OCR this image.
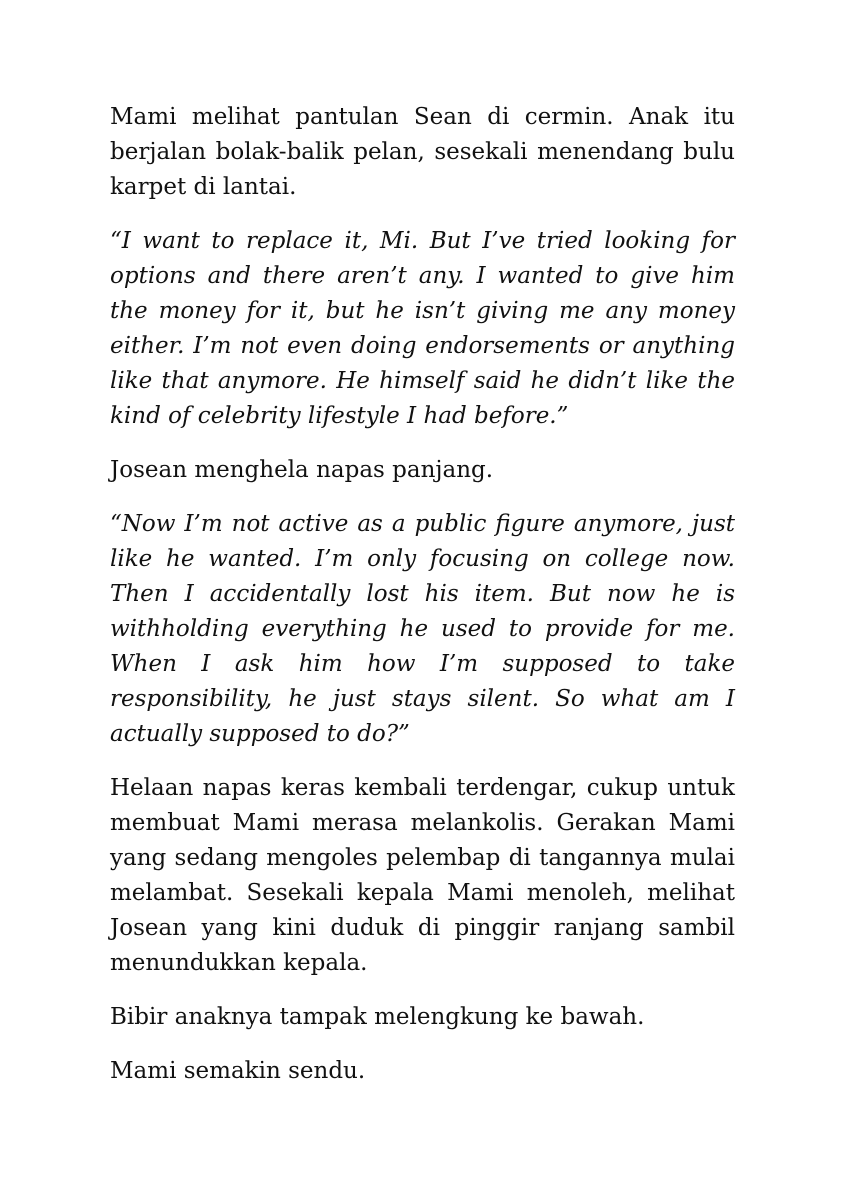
Mami melihat pantulan Sean di cermin. Anak itu berjalan bolak-balik pelan, sesekali menendang bulu karpet di lantai.

“I want to replace it, Mi. But I’ve tried looking for options and there aren’t any. I wanted to give him the money for it, but he isn’t giving me any money either. I’m not even doing endorsements or anything like that anymore. He himself said he didn’t like the kind of celebrity lifestyle I had before.”

Josean menghela napas panjang.

“Now I’m not active as a public figure anymore, just like he wanted. I’m only focusing on college now. Then I accidentally lost his item. But now he is withholding everything he used to provide for me. When I ask him how I’m supposed to take responsibility, he just stays silent. So what am I actually supposed to do?”

Helaan napas keras kembali terdengar, cukup untuk membuat Mami merasa melankolis. Gerakan Mami yang sedang mengoles pelembap di tangannya mulai melambat. Sesekali kepala Mami menoleh, melihat Josean yang kini duduk di pinggir ranjang sambil menundukkan kepala.

Bibir anaknya tampak melengkung ke bawah.

Mami semakin sendu.
